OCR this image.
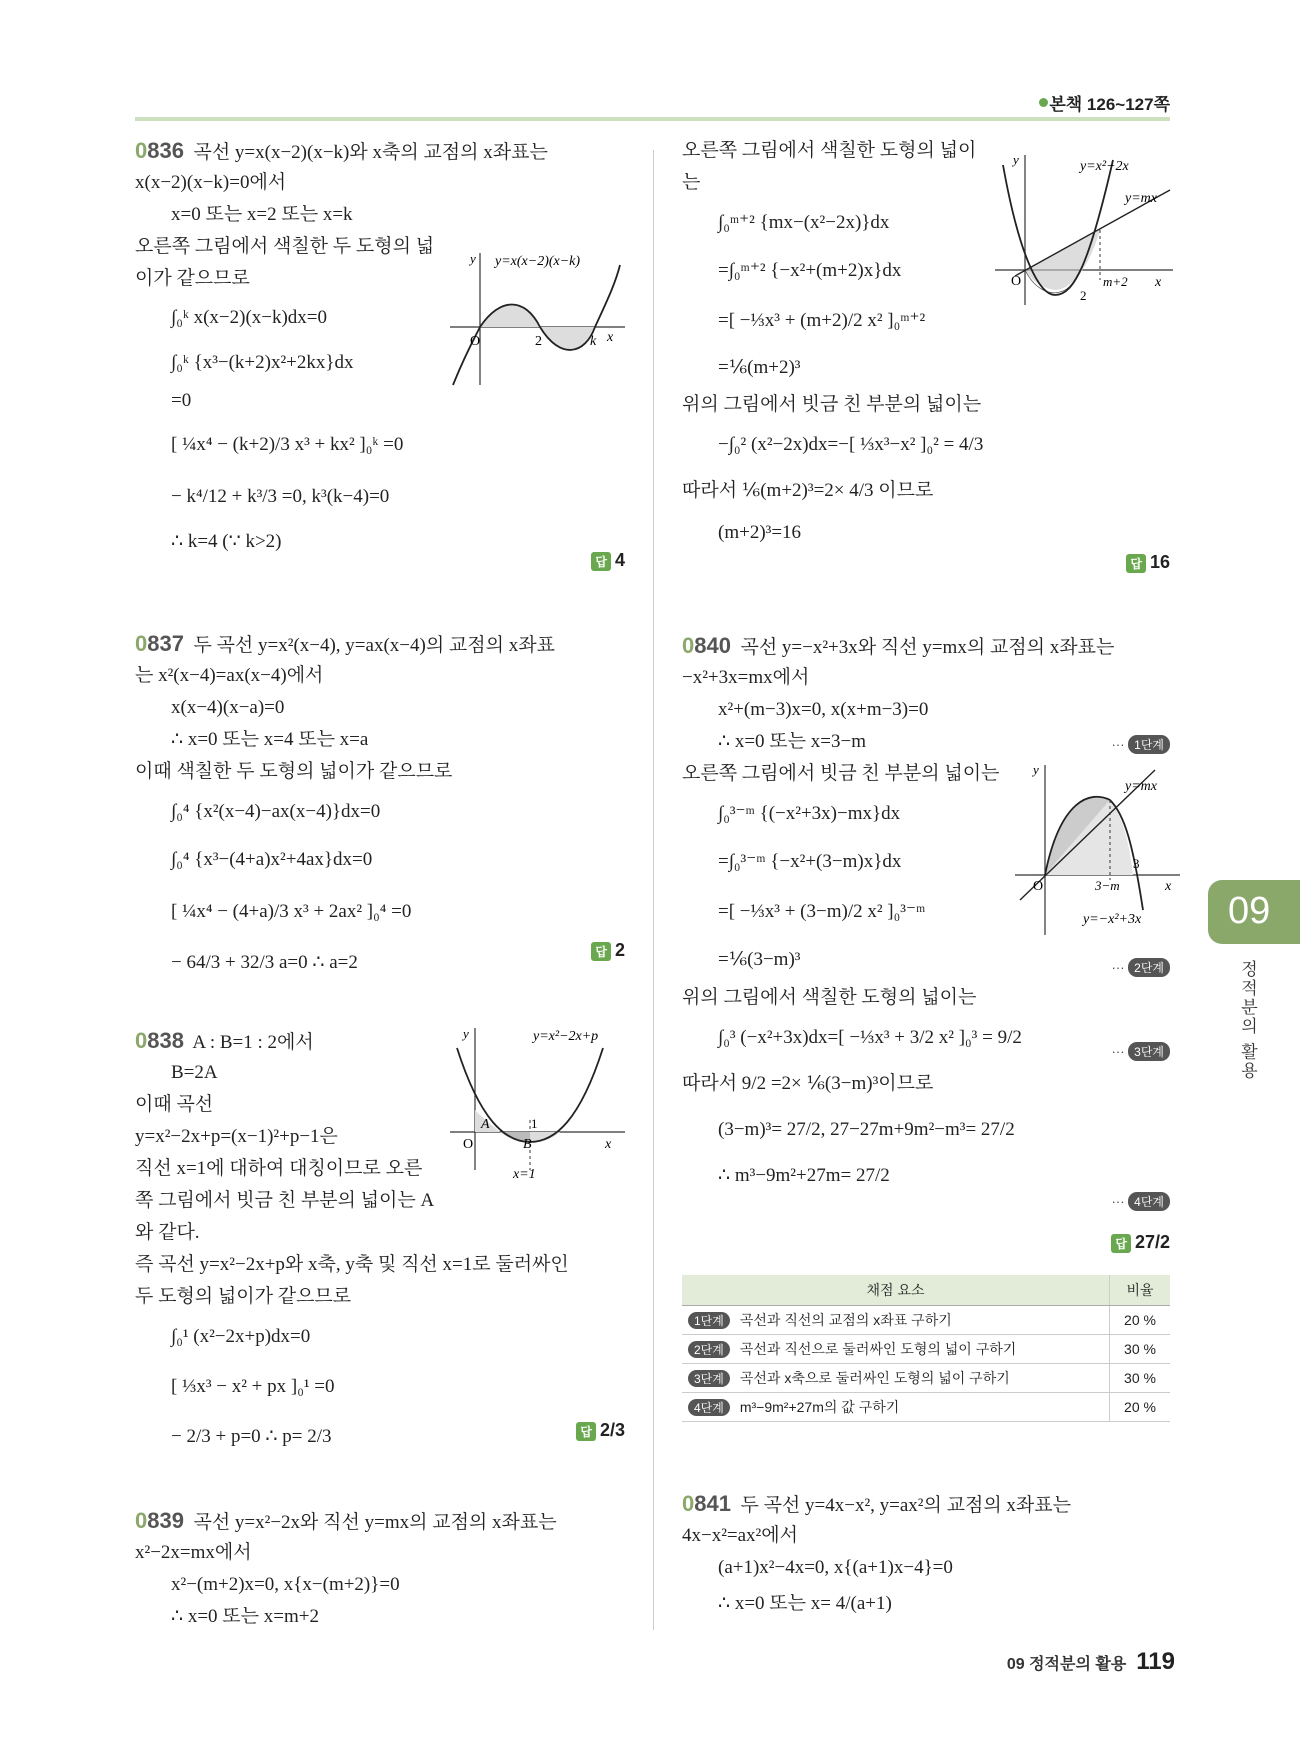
본책 126~127쪽
0836 곡선 y=x(x−2)(x−k)와 x축의 교점의 x좌표는
x(x−2)(x−k)=0에서
x=0 또는 x=2 또는 x=k
오른쪽 그림에서 색칠한 두 도형의 넓
이가 같으므로
∫₀ᵏ x(x−2)(x−k)dx=0
∫₀ᵏ {x³−(k+2)x²+2kx}dx
=0
[ ¼x⁴ − (k+2)/3 x³ + kx² ]₀ᵏ =0
− k⁴/12 + k³/3 =0, k³(k−4)=0
∴ k=4 (∵ k>2)
답 4
y y=x(x−2)(x−k)
O	2	k x
0837 두 곡선 y=x²(x−4), y=ax(x−4)의 교점의 x좌표
는 x²(x−4)=ax(x−4)에서
x(x−4)(x−a)=0
∴ x=0 또는 x=4 또는 x=a
이때 색칠한 두 도형의 넓이가 같으므로
∫₀⁴ {x²(x−4)−ax(x−4)}dx=0
∫₀⁴ {x³−(4+a)x²+4ax}dx=0
[ ¼x⁴ − (4+a)/3 x³ + 2ax² ]₀⁴ =0
− 64/3 + 32/3 a=0 ∴ a=2	답 2
0838 A : B=1 : 2에서
B=2A
이때 곡선
y=x²−2x+p=(x−1)²+p−1은
직선 x=1에 대하여 대칭이므로 오른
쪽 그림에서 빗금 친 부분의 넓이는 A
와 같다.
즉 곡선 y=x²−2x+p와 x축, y축 및 직선 x=1로 둘러싸인
두 도형의 넓이가 같으므로
∫₀¹ (x²−2x+p)dx=0
[ ⅓x³ − x² + px ]₀¹ =0
− 2/3 + p=0 ∴ p= 2/3	답 2/3
y	y=x²−2x+p
O
A	1
B	x
x=1
0839 곡선 y=x²−2x와 직선 y=mx의 교점의 x좌표는
x²−2x=mx에서
x²−(m+2)x=0, x{x−(m+2)}=0
∴ x=0 또는 x=m+2
오른쪽 그림에서 색칠한 도형의 넓이
는
∫₀ᵐ⁺² {mx−(x²−2x)}dx
=∫₀ᵐ⁺² {−x²+(m+2)x}dx
=[ −⅓x³ + (m+2)/2 x² ]₀ᵐ⁺²
=⅙(m+2)³
위의 그림에서 빗금 친 부분의 넓이는
−∫₀² (x²−2x)dx=−[ ⅓x³−x² ]₀² = 4/3
따라서 ⅙(m+2)³=2× 4/3 이므로
(m+2)³=16
답 16
y	y=x²−2x
y=mx
O
2
m+2 x
0840 곡선 y=−x²+3x와 직선 y=mx의 교점의 x좌표는
−x²+3x=mx에서
x²+(m−3)x=0, x(x+m−3)=0
∴ x=0 또는 x=3−m
오른쪽 그림에서 빗금 친 부분의 넓이는
∫₀³⁻ᵐ {(−x²+3x)−mx}dx
=∫₀³⁻ᵐ {−x²+(3−m)x}dx
=[ −⅓x³ + (3−m)/2 x² ]₀³⁻ᵐ
=⅙(3−m)³
위의 그림에서 색칠한 도형의 넓이는
∫₀³ (−x²+3x)dx=[ −⅓x³ + 3/2 x² ]₀³ = 9/2
따라서 9/2 =2× ⅙(3−m)³이므로
(3−m)³= 27/2, 27−27m+9m²−m³= 27/2
∴ m³−9m²+27m= 27/2
··· 1단계
··· 2단계
··· 3단계
··· 4단계
답 27/2
y
y=mx
O
3
3−m	x
y=−x²+3x
채점 요소	비율
1단계 곡선과 직선의 교점의 x좌표 구하기	20 %
2단계 곡선과 직선으로 둘러싸인 도형의 넓이 구하기	30 %
3단계 곡선과 x축으로 둘러싸인 도형의 넓이 구하기	30 %
4단계 m³−9m²+27m의 값 구하기	20 %
0841 두 곡선 y=4x−x², y=ax²의 교점의 x좌표는
4x−x²=ax²에서
(a+1)x²−4x=0, x{(a+1)x−4}=0
∴ x=0 또는 x= 4/(a+1)
09
정적분의 활용
09 정적분의 활용 119
